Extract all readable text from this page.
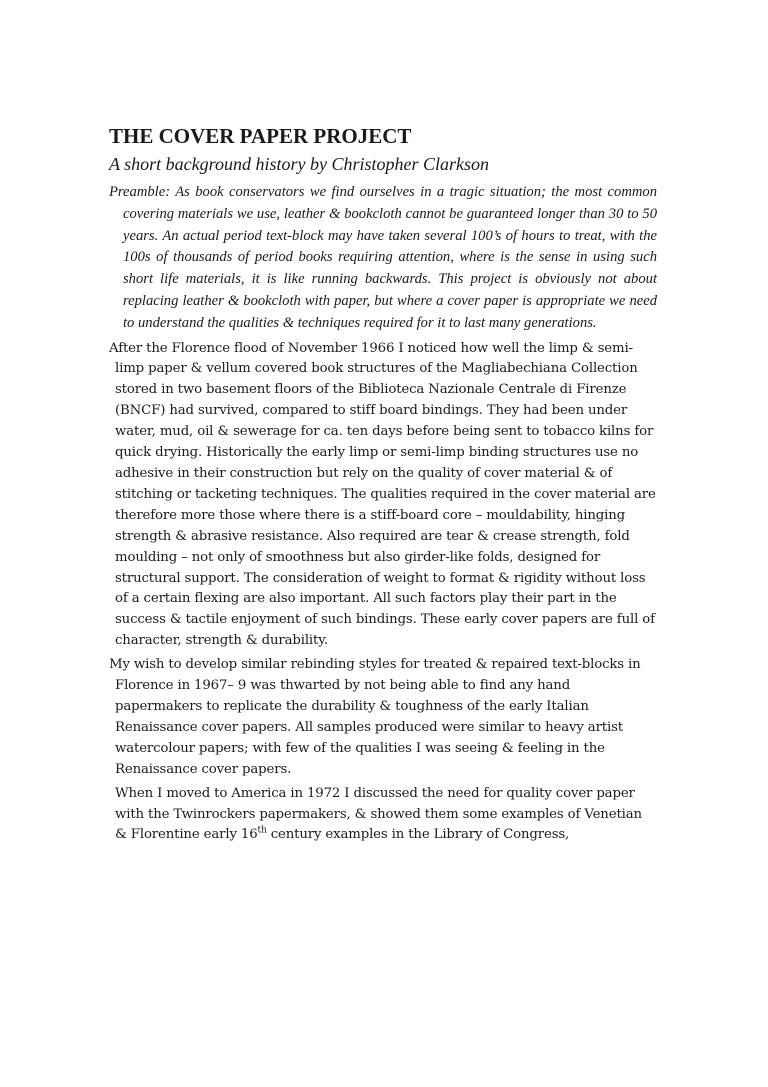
THE COVER PAPER PROJECT
A short background history by Christopher Clarkson

Preamble: As book conservators we find ourselves in a tragic situation; the most common covering materials we use, leather & bookcloth cannot be guaranteed longer than 30 to 50 years. An actual period text-block may have taken several 100’s of hours to treat, with the 100s of thousands of period books requiring attention, where is the sense in using such short life materials, it is like running backwards. This project is obviously not about replacing leather & bookcloth with paper, but where a cover paper is appropriate we need to understand the qualities & techniques required for it to last many generations.

After the Florence flood of November 1966 I noticed how well the limp & semi-limp paper & vellum covered book structures of the Magliabechiana Collection stored in two basement floors of the Biblioteca Nazionale Centrale di Firenze (BNCF) had survived, compared to stiff board bindings. They had been under water, mud, oil & sewerage for ca. ten days before being sent to tobacco kilns for quick drying. Historically the early limp or semi-limp binding structures use no adhesive in their construction but rely on the quality of cover material & of stitching or tacketing techniques. The qualities required in the cover material are therefore more those where there is a stiff-board core – mouldability, hinging strength & abrasive resistance. Also required are tear & crease strength, fold moulding – not only of smoothness but also girder-like folds, designed for structural support. The consideration of weight to format & rigidity without loss of a certain flexing are also important. All such factors play their part in the success & tactile enjoyment of such bindings. These early cover papers are full of character, strength & durability.

My wish to develop similar rebinding styles for treated & repaired text-blocks in Florence in 1967– 9 was thwarted by not being able to find any hand papermakers to replicate the durability & toughness of the early Italian Renaissance cover papers. All samples produced were similar to heavy artist watercolour papers; with few of the qualities I was seeing & feeling in the Renaissance cover papers.

When I moved to America in 1972 I discussed the need for quality cover paper with the Twinrockers papermakers, & showed them some examples of Venetian & Florentine early 16th century examples in the Library of Congress,
